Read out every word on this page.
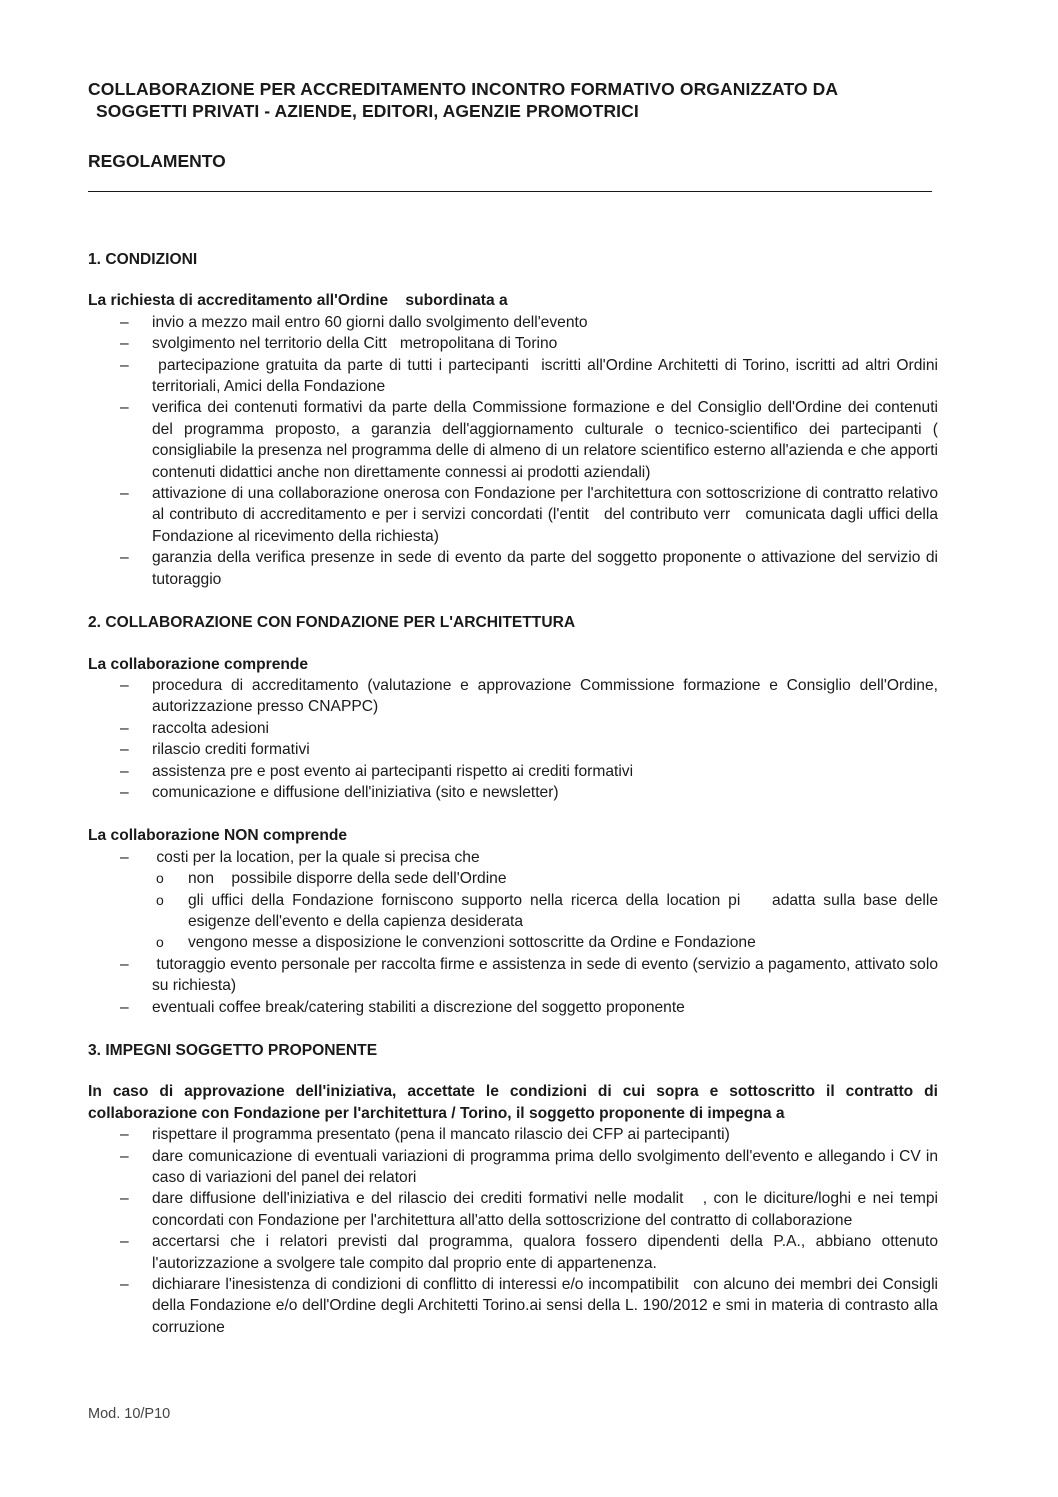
COLLABORAZIONE PER ACCREDITAMENTO INCONTRO FORMATIVO ORGANIZZATO DA
SOGGETTI PRIVATI - AZIENDE, EDITORI, AGENZIE PROMOTRICI
REGOLAMENTO
1. CONDIZIONI

La richiesta di accreditamento all'Ordine    subordinata a

– invio a mezzo mail entro 60 giorni dallo svolgimento dell'evento
– svolgimento nel territorio della Citt   metropolitana di Torino
–  partecipazione gratuita da parte di tutti i partecipanti  iscritti all'Ordine Architetti di Torino, iscritti ad altri Ordini territoriali, Amici della Fondazione
– verifica dei contenuti formativi da parte della Commissione formazione e del Consiglio dell'Ordine dei contenuti del programma proposto, a garanzia dell'aggiornamento culturale o tecnico-scientifico dei partecipanti (   consigliabile la presenza nel programma delle di almeno di un relatore scientifico esterno all'azienda e che apporti contenuti didattici anche non direttamente connessi ai prodotti aziendali)
– attivazione di una collaborazione onerosa con Fondazione per l'architettura con sottoscrizione di contratto relativo al contributo di accreditamento e per i servizi concordati (l'entit   del contributo verr   comunicata dagli uffici della Fondazione al ricevimento della richiesta)
– garanzia della verifica presenze in sede di evento da parte del soggetto proponente o attivazione del servizio di tutoraggio
2. COLLABORAZIONE CON FONDAZIONE PER L'ARCHITETTURA

La collaborazione comprende

– procedura di accreditamento (valutazione e approvazione Commissione formazione e Consiglio dell'Ordine, autorizzazione presso CNAPPC)
– raccolta adesioni
– rilascio crediti formativi
– assistenza pre e post evento ai partecipanti rispetto ai crediti formativi
– comunicazione e diffusione dell'iniziativa (sito e newsletter)

La collaborazione NON comprende

–  costi per la location, per la quale si precisa che
o non    possibile disporre della sede dell'Ordine
o gli uffici della Fondazione forniscono supporto nella ricerca della location pi    adatta sulla base delle esigenze dell'evento e della capienza desiderata
o vengono messe a disposizione le convenzioni sottoscritte da Ordine e Fondazione
–  tutoraggio evento personale per raccolta firme e assistenza in sede di evento (servizio a pagamento, attivato solo su richiesta)
– eventuali coffee break/catering stabiliti a discrezione del soggetto proponente
3. IMPEGNI SOGGETTO PROPONENTE

In caso di approvazione dell'iniziativa, accettate le condizioni di cui sopra e sottoscritto il contratto di collaborazione con Fondazione per l'architettura / Torino, il soggetto proponente di impegna a

– rispettare il programma presentato (pena il mancato rilascio dei CFP ai partecipanti)
– dare comunicazione di eventuali variazioni di programma prima dello svolgimento dell'evento e allegando i CV in caso di variazioni del panel dei relatori
– dare diffusione dell'iniziativa e del rilascio dei crediti formativi nelle modalit   , con le diciture/loghi e nei tempi concordati con Fondazione per l'architettura all'atto della sottoscrizione del contratto di collaborazione
– accertarsi che i relatori previsti dal programma, qualora fossero dipendenti della P.A., abbiano ottenuto l'autorizzazione a svolgere tale compito dal proprio ente di appartenenza.
– dichiarare l'inesistenza di condizioni di conflitto di interessi e/o incompatibilit   con alcuno dei membri dei Consigli della Fondazione e/o dell'Ordine degli Architetti Torino.ai sensi della L. 190/2012 e smi in materia di contrasto alla corruzione
Mod. 10/P10
